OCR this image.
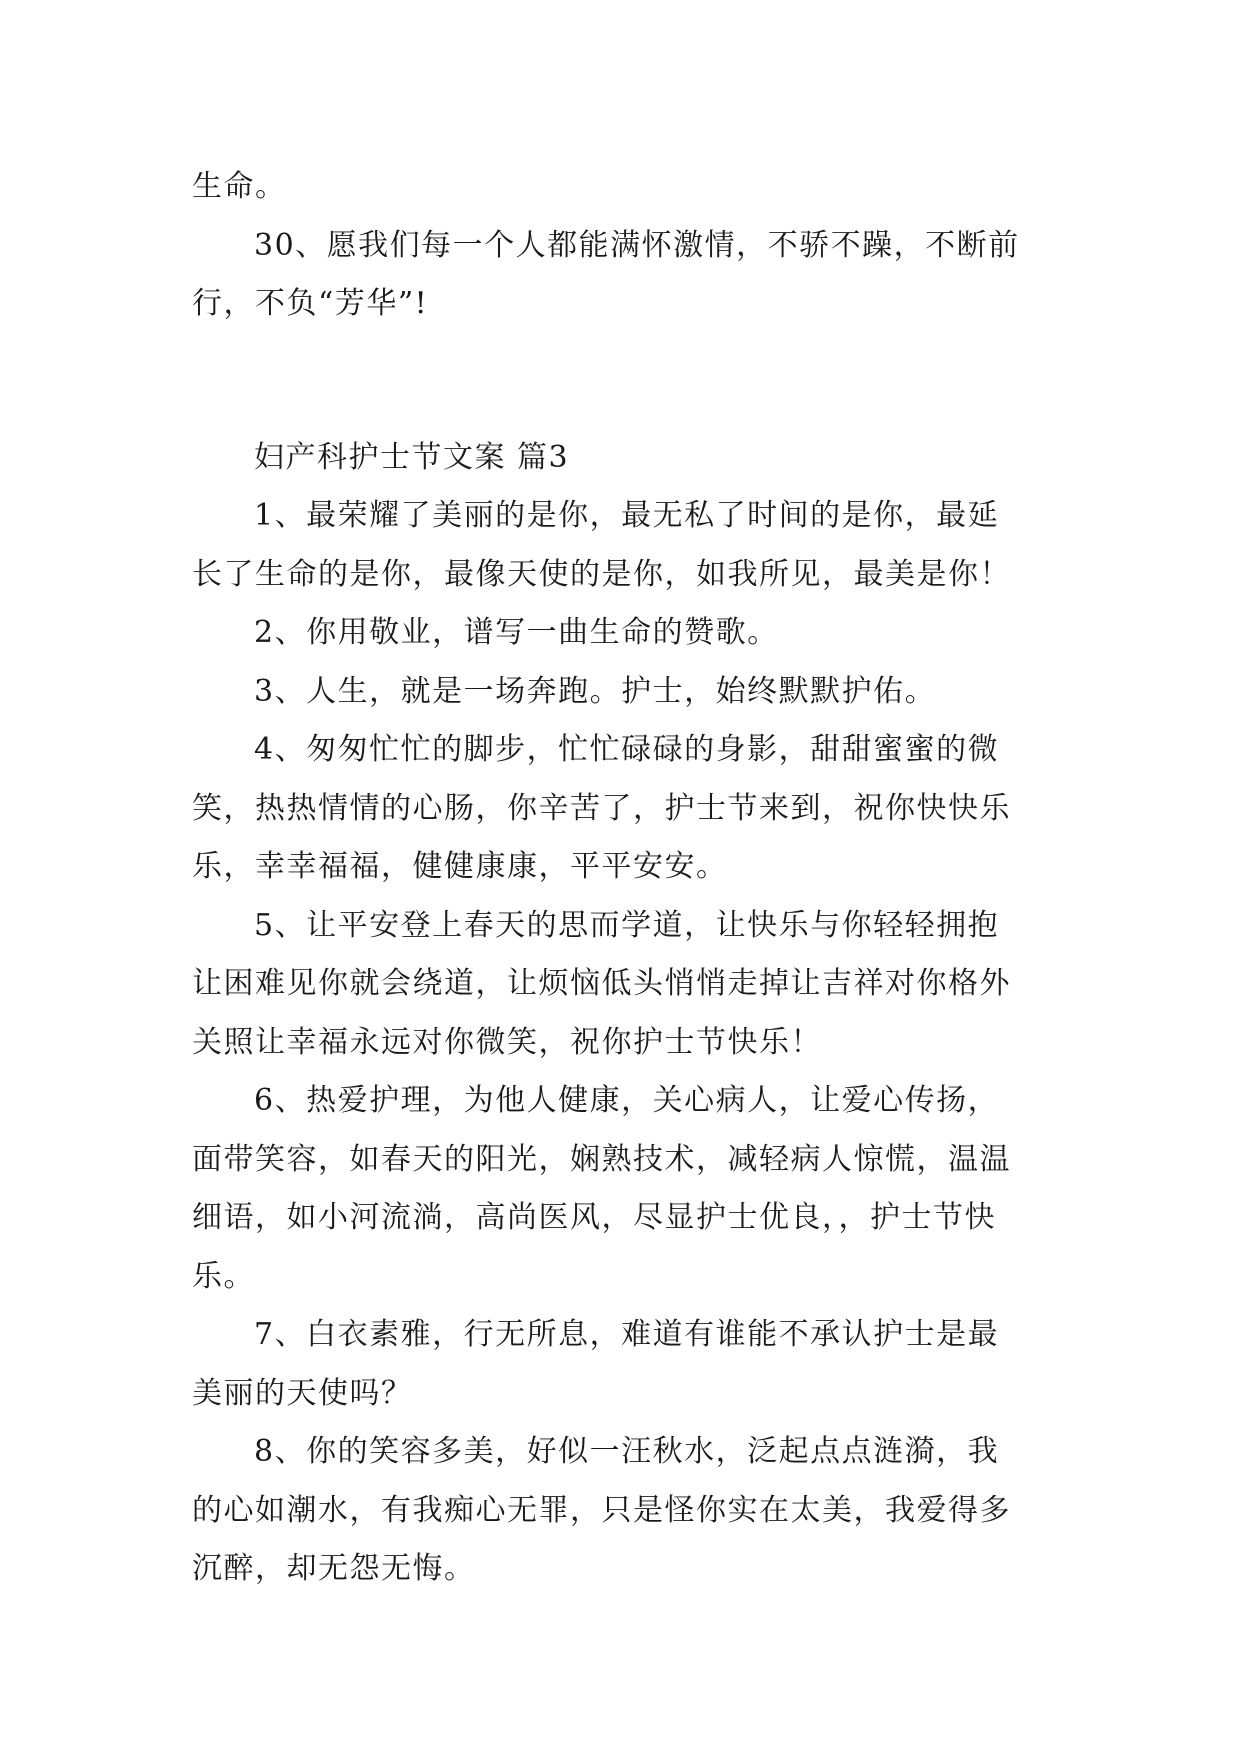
生命。
30、愿我们每一个人都能满怀激情，不骄不躁，不断前
行，不负“芳华”!
妇产科护士节文案 篇3
1、最荣耀了美丽的是你，最无私了时间的是你，最延
长了生命的是你，最像天使的是你，如我所见，最美是你！
2、你用敬业，谱写一曲生命的赞歌。
3、人生，就是一场奔跑。护士，始终默默护佑。
4、匆匆忙忙的脚步，忙忙碌碌的身影，甜甜蜜蜜的微
笑，热热情情的心肠，你辛苦了，护士节来到，祝你快快乐
乐，幸幸福福，健健康康，平平安安。
5、让平安登上春天的思而学道，让快乐与你轻轻拥抱
让困难见你就会绕道，让烦恼低头悄悄走掉让吉祥对你格外
关照让幸福永远对你微笑，祝你护士节快乐！
6、热爱护理，为他人健康，关心病人，让爱心传扬，
面带笑容，如春天的阳光，娴熟技术，减轻病人惊慌，温温
细语，如小河流淌，高尚医风，尽显护士优良，，护士节快
乐。
7、白衣素雅，行无所息，难道有谁能不承认护士是最
美丽的天使吗？
8、你的笑容多美，好似一汪秋水，泛起点点涟漪，我
的心如潮水，有我痴心无罪，只是怪你实在太美，我爱得多
沉醉，却无怨无悔。
